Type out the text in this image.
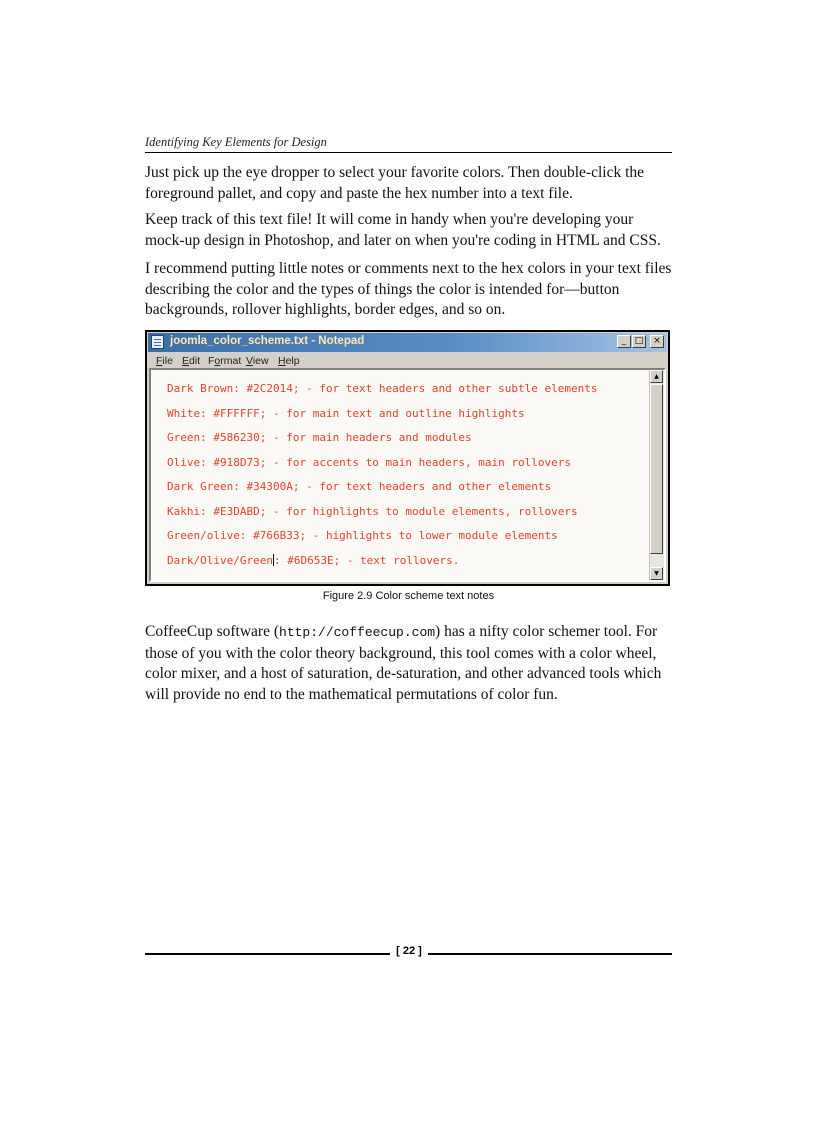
Identifying Key Elements for Design

Just pick up the eye dropper to select your favorite colors. Then double-click the foreground pallet, and copy and paste the hex number into a text file.

Keep track of this text file! It will come in handy when you're developing your mock-up design in Photoshop, and later on when you're coding in HTML and CSS.

I recommend putting little notes or comments next to the hex colors in your text files describing the color and the types of things the color is intended for—button backgrounds, rollover highlights, border edges, and so on.

joomla_color_scheme.txt - Notepad	_ □	×
File Edit Format View Help
Dark Brown: #2C2014; - for text headers and other subtle elements
White: #FFFFFF; - for main text and outline highlights
Green: #586230; - for main headers and modules
Olive: #918D73; - for accents to main headers, main rollovers
Dark Green: #34300A; - for text headers and other elements
Kakhi: #E3DABD; - for highlights to module elements, rollovers
Green/olive: #766B33; - highlights to lower module elements
Dark/Olive/Green: #6D653E; - text rollovers.
▲
▼
Figure 2.9 Color scheme text notes

CoffeeCup software (http://coffeecup.com) has a nifty color schemer tool. For those of you with the color theory background, this tool comes with a color wheel, color mixer, and a host of saturation, de-saturation, and other advanced tools which will provide no end to the mathematical permutations of color fun.

[ 22 ]
